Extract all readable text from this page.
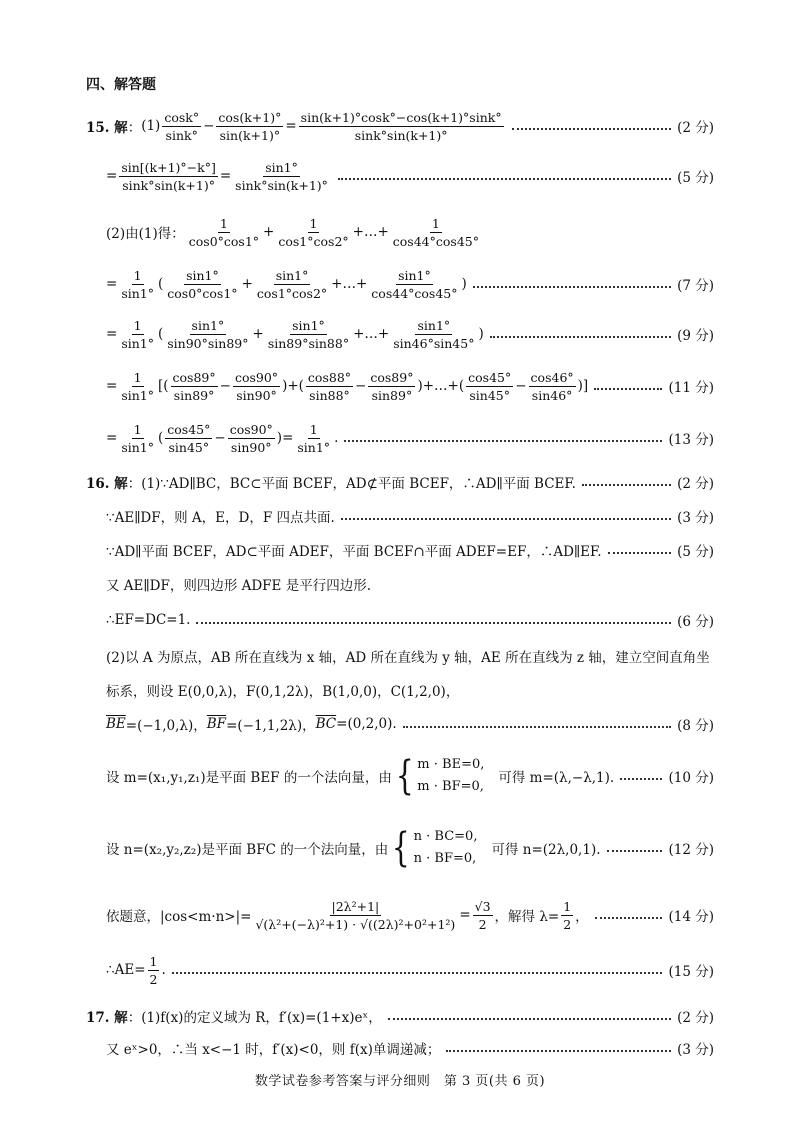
四、解答题
15. 解 ： $(1) \frac{\cos k^\circ}{\sin k^\circ} - \frac{\cos(k+1)^\circ}{\sin(k+1)^\circ} = \frac{\sin(k+1)^\circ\cos k^\circ-\cos(k+1)^\circ\sin k^\circ}{\sin k^\circ\sin(k+1)^\circ}$	(2 分)
= $\frac{\sin[(k+1)^\circ-k^\circ]}{\sin k^\circ\sin(k+1)^\circ} = \frac{\sin 1^\circ}{\sin k^\circ\sin(k+1)^\circ}$	(5 分)
(2)由(1)得： $\frac{1}{\cos 0^\circ\cos 1^\circ} + \frac{1}{\cos 1^\circ\cos 2^\circ}$ +…+ $\frac{1}{\cos 44^\circ\cos 45^\circ}$
= $\frac{1}{\sin 1^\circ}$ ( $\frac{\sin 1^\circ}{\cos 0^\circ\cos 1^\circ} + \frac{\sin 1^\circ}{\cos 1^\circ\cos 2^\circ}$ +…+ $\frac{\sin 1^\circ}{\cos 44^\circ\cos 45^\circ}$ )	(7 分)
= $\frac{1}{\sin 1^\circ}$ ( $\frac{\sin 1^\circ}{\sin 90^\circ\sin 89^\circ} + \frac{\sin 1^\circ}{\sin 89^\circ\sin 88^\circ}$ +…+ $\frac{\sin 1^\circ}{\sin 46^\circ\sin 45^\circ}$ )	(9 分)
= $\frac{1}{\sin 1^\circ}$ [( $\frac{\cos 89^\circ}{\sin 89^\circ} - \frac{\cos 90^\circ}{\sin 90^\circ}$ )+( $\frac{\cos 88^\circ}{\sin 88^\circ} - \frac{\cos 89^\circ}{\sin 89^\circ}$ )+…+( $\frac{\cos 45^\circ}{\sin 45^\circ} - \frac{\cos 46^\circ}{\sin 46^\circ}$ )]	(11 分)
= $\frac{1}{\sin 1^\circ}$ ( $\frac{\cos 45^\circ}{\sin 45^\circ} - \frac{\cos 90^\circ}{\sin 90^\circ}$ ) = $\frac{1}{\sin 1^\circ}$ .	(13 分)
16. 解 ： (1)∵AD∥BC，BC⊂平面 BCEF，AD⊄平面 BCEF，∴AD∥平面 BCEF.	(2 分)
∵AE∥DF，则 A，E，D，F 四点共面.	(3 分)
∵AD∥平面 BCEF，AD⊂平面 ADEF，平面 BCEF∩平面 ADEF=EF，∴AD∥EF.	(5 分)
又 AE∥DF，则四边形 ADFE 是平行四边形.
∴EF=DC=1.	(6 分)
(2)以 A 为原点，AB 所在直线为 x 轴，AD 所在直线为 y 轴，AE 所在直线为 z 轴，建立空间直角坐
标系，则设 E(0,0,λ)，F(0,1,2λ)，B(1,0,0)，C(1,2,0)，
$\overline{BE} =(-1,0,\lambda)$， $\overline{BF} =(-1,1,2\lambda)$， $\overline{BC} =(0,2,0)$.	(8 分)
设 m=(x₁,y₁,z₁)是平面 BEF 的一个法向量，由 { m · BE=0,
m · BF=0,
可得 m=(λ,−λ,1).	(10 分)
设 n=(x₂,y₂,z₂)是平面 BFC 的一个法向量，由 { n · BC=0,
n · BF=0,
可得 n=(2λ,0,1).	(12 分)
依题意，$|\cos<m\cdot n>|= \frac{\text{|2λ²+1|}}{\text{√(λ²+(−λ)²+1) · √((2λ)²+0²+1²)}} = \frac{√3}{2}$ ，解得 $\lambda= \frac{1}{2}$ ，	(14 分)
∴AE= $\frac{1}{2}$ .	(15 分)
17. 解 ： (1)f(x)的定义域为 R，f′(x)=(1+x)eˣ，	(2 分)
又 eˣ>0，∴当 x<−1 时，f′(x)<0，则 f(x)单调递减；	(3 分)
数学试卷参考答案与评分细则　第 3 页(共 6 页)
